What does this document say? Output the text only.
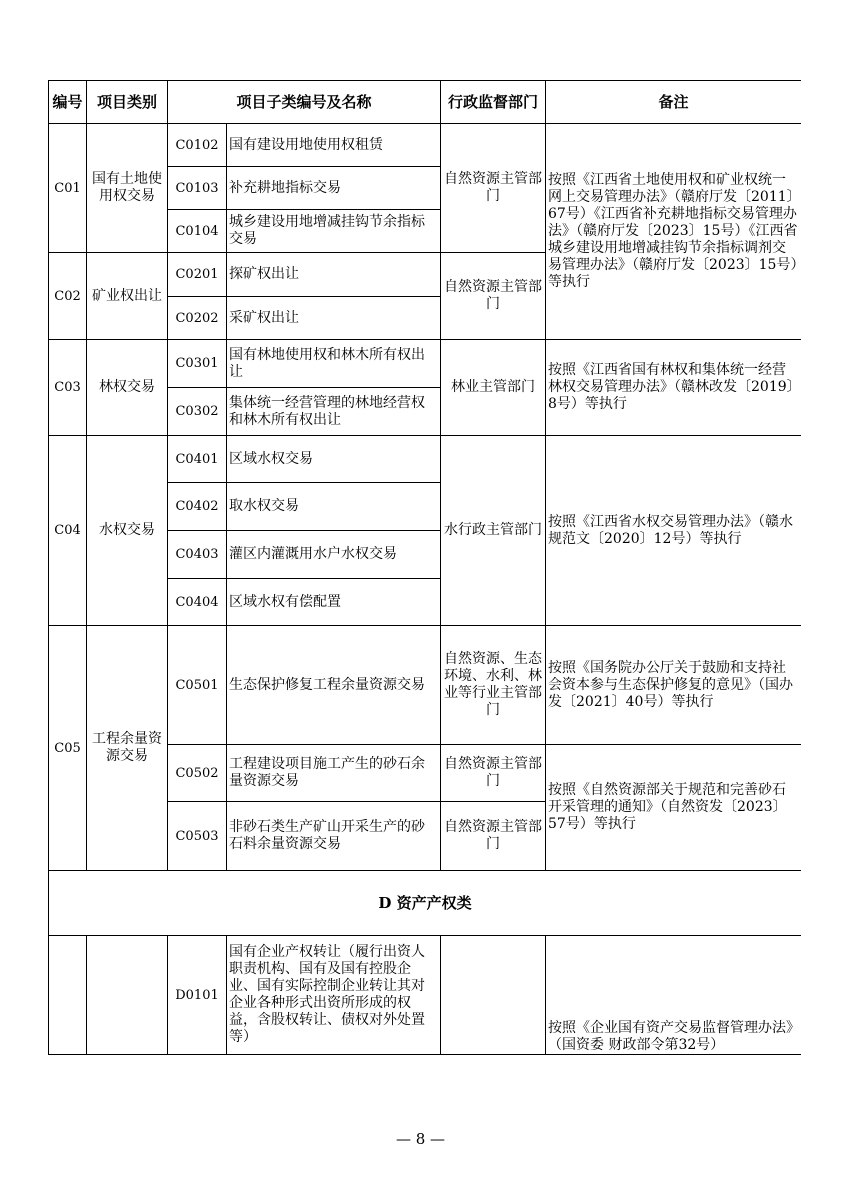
编号	项目类别	项目子类编号及名称		行政监督部门	备注
C01	国有土地使用权交易	C0102	国有建设用地使用权租赁	自然资源主管部门	按照《江西省土地使用权和矿业权统一网上交易管理办法》（赣府厅发〔2011〕67号）《江西省补充耕地指标交易管理办法》（赣府厅发〔2023〕15号）《江西省城乡建设用地增减挂钩节余指标调剂交易管理办法》（赣府厅发〔2023〕15号）等执行
		C0103	补充耕地指标交易		
		C0104	城乡建设用地增减挂钩节余指标交易		
C02	矿业权出让	C0201	探矿权出让	自然资源主管部门	
		C0202	采矿权出让		
C03	林权交易	C0301	国有林地使用权和林木所有权出让	林业主管部门	按照《江西省国有林权和集体统一经营林权交易管理办法》（赣林改发〔2019〕8号）等执行
		C0302	集体统一经营管理的林地经营权和林木所有权出让		
C04	水权交易	C0401	区域水权交易	水行政主管部门	按照《江西省水权交易管理办法》（赣水规范文〔2020〕12号）等执行
		C0402	取水权交易		
		C0403	灌区内灌溉用水户水权交易		
		C0404	区域水权有偿配置		
C05	工程余量资源交易	C0501	生态保护修复工程余量资源交易	自然资源、生态环境、水利、林业等行业主管部门	按照《国务院办公厅关于鼓励和支持社会资本参与生态保护修复的意见》（国办发〔2021〕40号）等执行
		C0502	工程建设项目施工产生的砂石余量资源交易	自然资源主管部门	按照《自然资源部关于规范和完善砂石开采管理的通知》（自然资发〔2023〕57号）等执行
		C0503	非砂石类生产矿山开采生产的砂石料余量资源交易	自然资源主管部门	
D 资产产权类					
		D0101	国有企业产权转让（履行出资人职责机构、国有及国有控股企业、国有实际控制企业转让其对企业各种形式出资所形成的权益，含股权转让、债权对外处置等）		按照《企业国有资产交易监督管理办法》（国资委 财政部令第32号）
— 8 —
